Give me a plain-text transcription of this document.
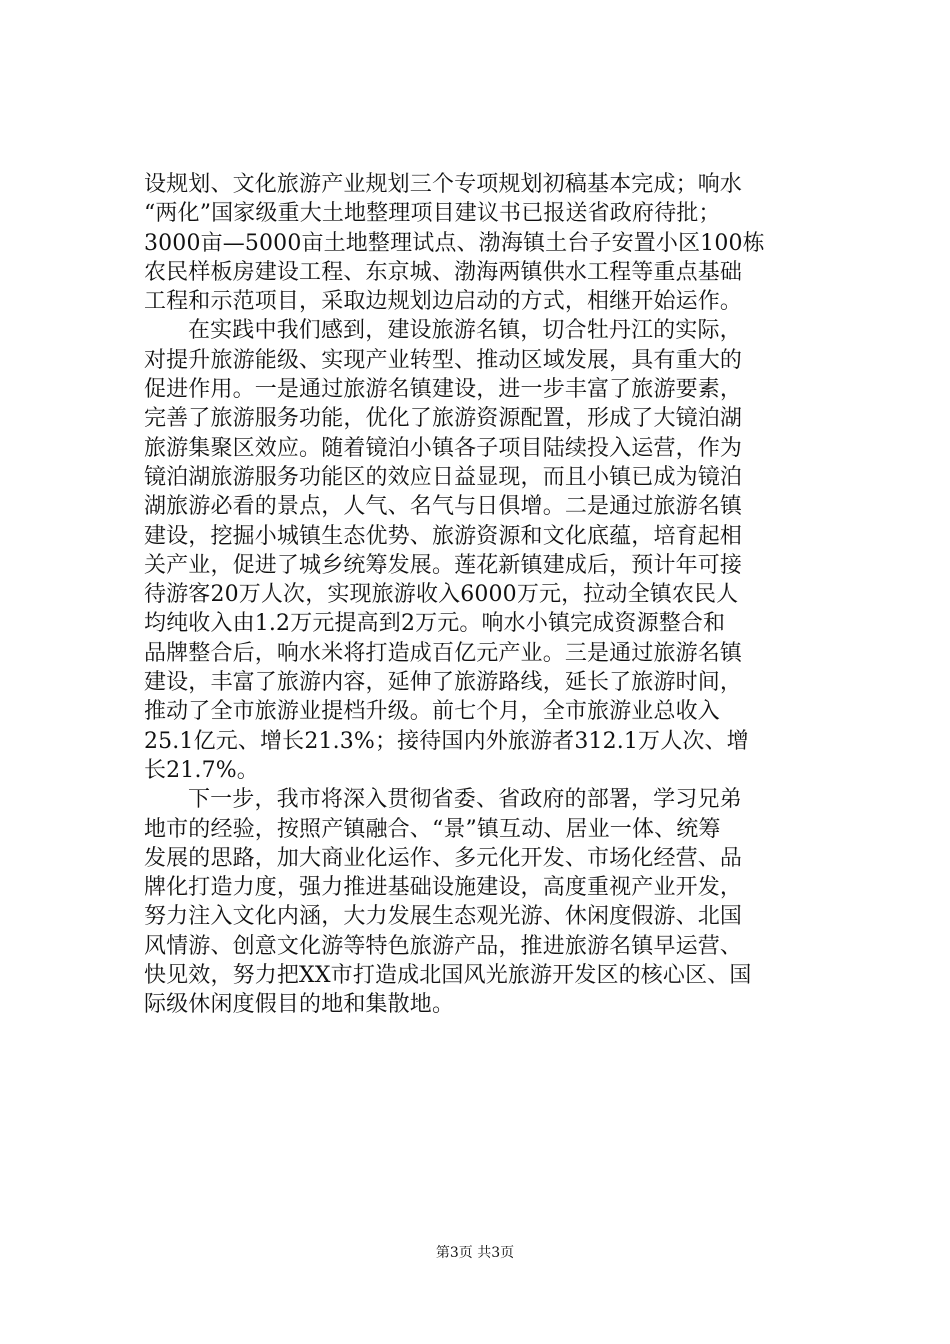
设规划、文化旅游产业规划三个专项规划初稿基本完成；响水
“两化”国家级重大土地整理项目建议书已报送省政府待批；
3000亩—5000亩土地整理试点、渤海镇土台子安置小区100栋
农民样板房建设工程、东京城、渤海两镇供水工程等重点基础
工程和示范项目，采取边规划边启动的方式，相继开始运作。
在实践中我们感到，建设旅游名镇，切合牡丹江的实际，
对提升旅游能级、实现产业转型、推动区域发展，具有重大的
促进作用。一是通过旅游名镇建设，进一步丰富了旅游要素，
完善了旅游服务功能，优化了旅游资源配置，形成了大镜泊湖
旅游集聚区效应。随着镜泊小镇各子项目陆续投入运营，作为
镜泊湖旅游服务功能区的效应日益显现，而且小镇已成为镜泊
湖旅游必看的景点，人气、名气与日俱增。二是通过旅游名镇
建设，挖掘小城镇生态优势、旅游资源和文化底蕴，培育起相
关产业，促进了城乡统筹发展。莲花新镇建成后，预计年可接
待游客20万人次，实现旅游收入6000万元，拉动全镇农民人
均纯收入由1.2万元提高到2万元。响水小镇完成资源整合和
品牌整合后，响水米将打造成百亿元产业。三是通过旅游名镇
建设，丰富了旅游内容，延伸了旅游路线，延长了旅游时间，
推动了全市旅游业提档升级。前七个月，全市旅游业总收入
25.1亿元、增长21.3%；接待国内外旅游者312.1万人次、增
长21.7%。
下一步，我市将深入贯彻省委、省政府的部署，学习兄弟
地市的经验，按照产镇融合、“景”镇互动、居业一体、统筹
发展的思路，加大商业化运作、多元化开发、市场化经营、品
牌化打造力度，强力推进基础设施建设，高度重视产业开发，
努力注入文化内涵，大力发展生态观光游、休闲度假游、北国
风情游、创意文化游等特色旅游产品，推进旅游名镇早运营、
快见效，努力把XX市打造成北国风光旅游开发区的核心区、国
际级休闲度假目的地和集散地。
第3页 共3页
